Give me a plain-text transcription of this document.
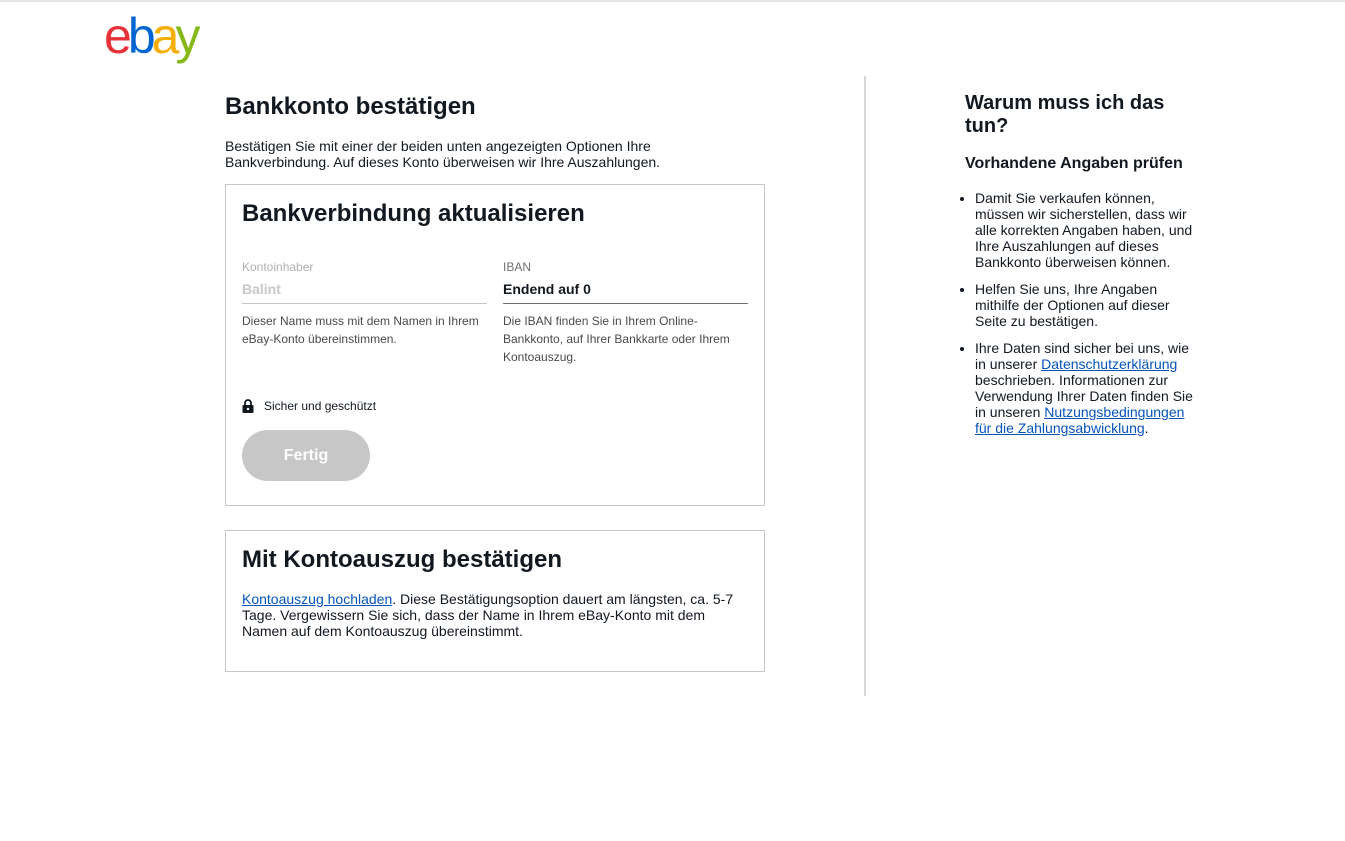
e b a y
Bankkonto bestätigen

Bestätigen Sie mit einer der beiden unten angezeigten Optionen Ihre Bankverbindung. Auf dieses Konto überweisen wir Ihre Auszahlungen.

Bankverbindung aktualisieren
Kontoinhaber
Balint
Dieser Name muss mit dem Namen in Ihrem eBay-Konto übereinstimmen.
IBAN
Endend auf 0
Die IBAN finden Sie in Ihrem Online-Bankkonto, auf Ihrer Bankkarte oder Ihrem Kontoauszug.
Sicher und geschützt
Fertig
Mit Kontoauszug bestätigen

Kontoauszug hochladen. Diese Bestätigungsoption dauert am längsten, ca. 5-7 Tage. Vergewissern Sie sich, dass der Name in Ihrem eBay-Konto mit dem Namen auf dem Kontoauszug übereinstimmt.

Warum muss ich das tun?
Vorhandene Angaben prüfen
• Damit Sie verkaufen können, müssen wir sicherstellen, dass wir alle korrekten Angaben haben, und Ihre Auszahlungen auf dieses Bankkonto überweisen können.
• Helfen Sie uns, Ihre Angaben mithilfe der Optionen auf dieser Seite zu bestätigen.
• Ihre Daten sind sicher bei uns, wie in unserer Datenschutzerklärung beschrieben. Informationen zur Verwendung Ihrer Daten finden Sie in unseren Nutzungsbedingungen für die Zahlungsabwicklung.
